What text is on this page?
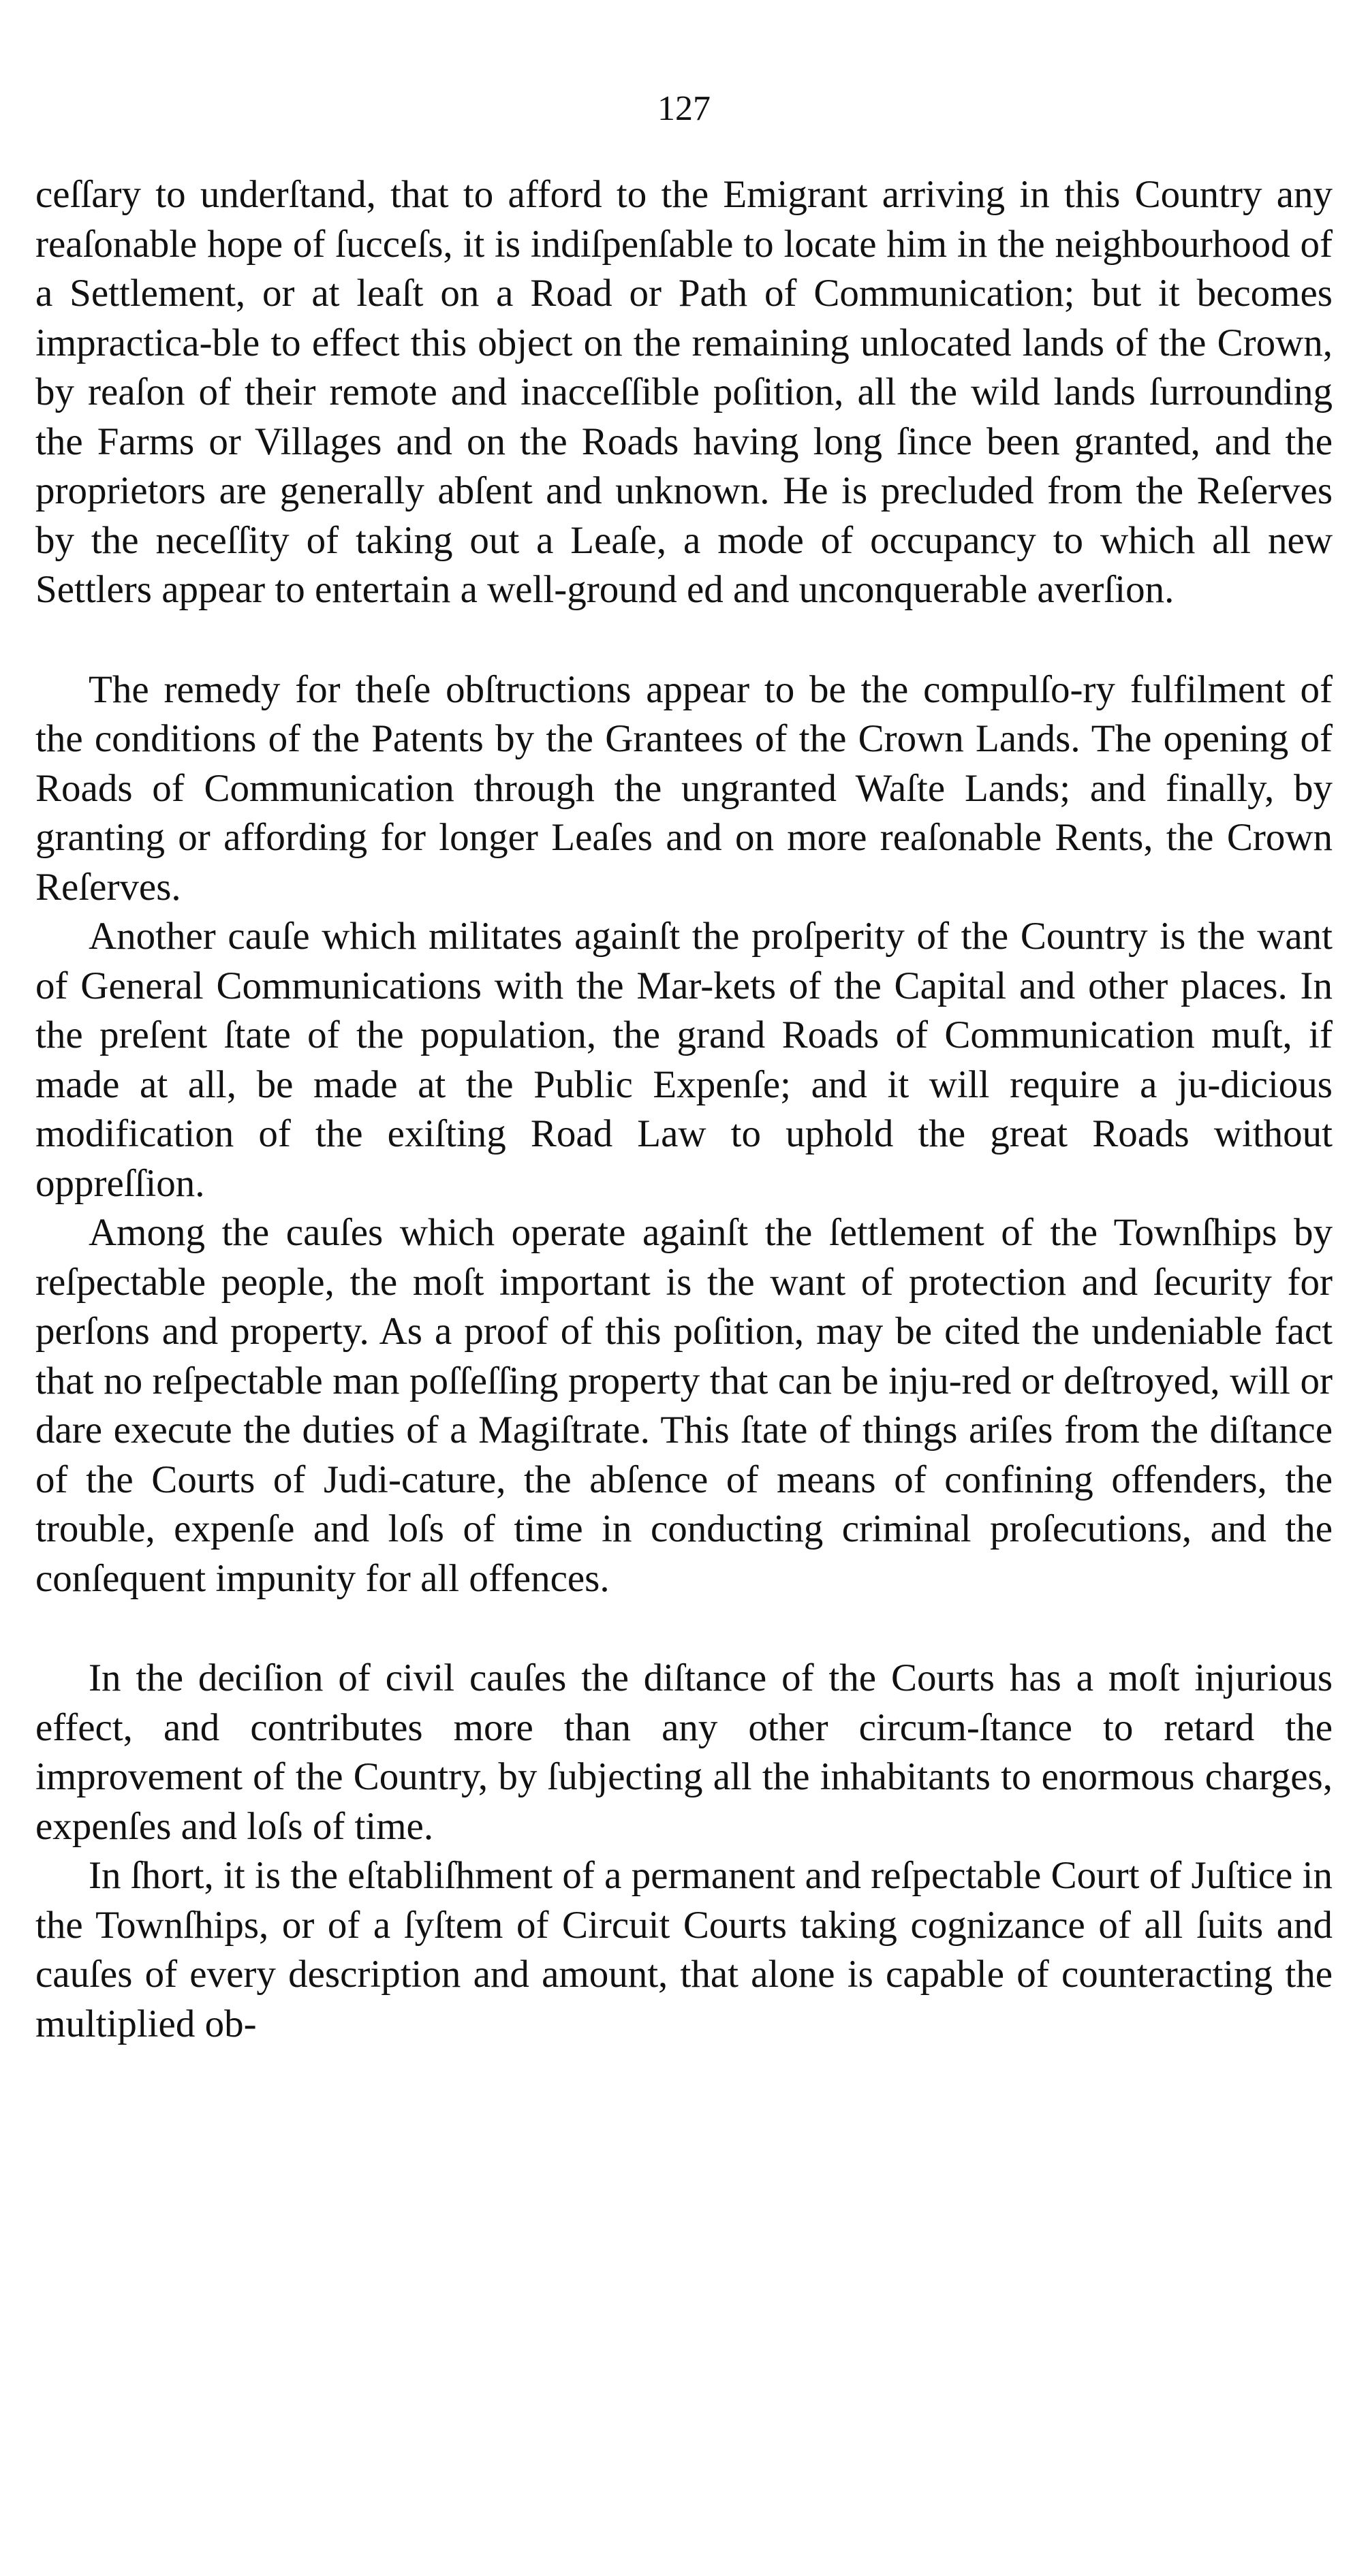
127

ceſſary to underſtand, that to afford to the Emigrant arriving in this Country any reaſonable hope of ſucceſs, it is indiſpenſable to locate him in the neighbourhood of a Settlement, or at leaſt on a Road or Path of Communication; but it becomes impractica-ble to effect this object on the remaining unlocated lands of the Crown, by reaſon of their remote and inacceſſible poſition, all the wild lands ſurrounding the Farms or Villages and on the Roads having long ſince been granted, and the proprietors are generally abſent and unknown. He is precluded from the Reſerves by the neceſſity of taking out a Leaſe, a mode of occupancy to which all new Settlers appear to entertain a well-ground ed and unconquerable averſion.

The remedy for theſe obſtructions appear to be the compulſo-ry fulfilment of the conditions of the Patents by the Grantees of the Crown Lands. The opening of Roads of Communication through the ungranted Waſte Lands; and finally, by granting or affording for longer Leaſes and on more reaſonable Rents, the Crown Reſerves.

Another cauſe which militates againſt the proſperity of the Country is the want of General Communications with the Mar-kets of the Capital and other places. In the preſent ſtate of the population, the grand Roads of Communication muſt, if made at all, be made at the Public Expenſe; and it will require a ju-dicious modification of the exiſting Road Law to uphold the great Roads without oppreſſion.

Among the cauſes which operate againſt the ſettlement of the Townſhips by reſpectable people, the moſt important is the want of protection and ſecurity for perſons and property. As a proof of this poſition, may be cited the undeniable fact that no reſpectable man poſſeſſing property that can be inju-red or deſtroyed, will or dare execute the duties of a Magiſtrate. This ſtate of things ariſes from the diſtance of the Courts of Judi-cature, the abſence of means of confining offenders, the trouble, expenſe and loſs of time in conducting criminal proſecutions, and the conſequent impunity for all offences.

In the deciſion of civil cauſes the diſtance of the Courts has a moſt injurious effect, and contributes more than any other circum-ſtance to retard the improvement of the Country, by ſubjecting all the inhabitants to enormous charges, expenſes and loſs of time.

In ſhort, it is the eſtabliſhment of a permanent and reſpectable Court of Juſtice in the Townſhips, or of a ſyſtem of Circuit Courts taking cognizance of all ſuits and cauſes of every description and amount, that alone is capable of counteracting the multiplied ob-
